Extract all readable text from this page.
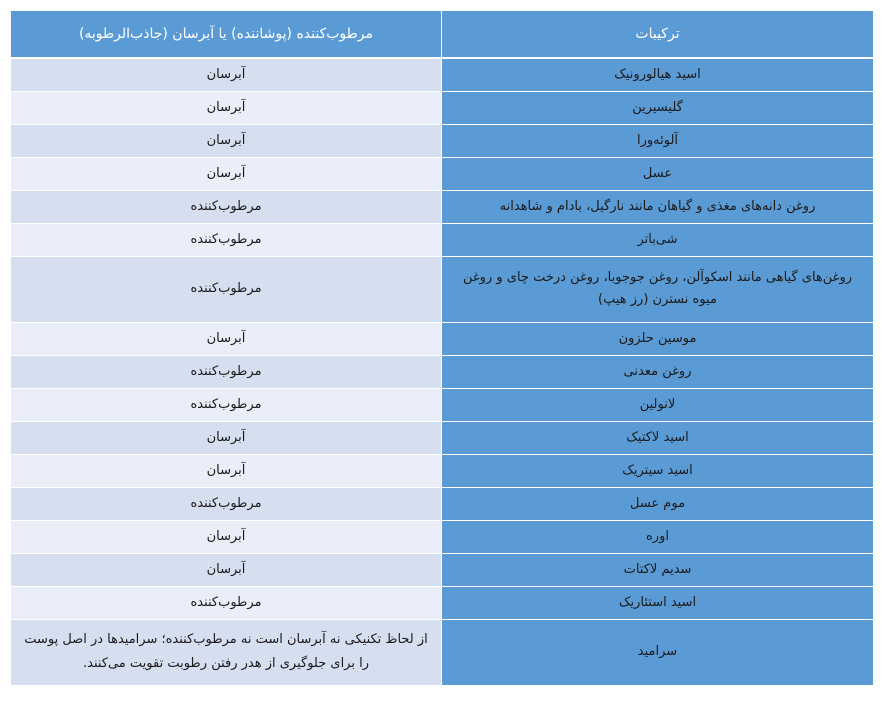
ترکیبات	مرطوب‌کننده (پوشاننده) یا آبرسان (جاذب‌الرطوبه)
اسید هیالورونیک	آبرسان
گلیسیرین	آبرسان
آلوئه‌ورا	آبرسان
عسل	آبرسان
روغن دانه‌های مغذی و گیاهان مانند نارگیل، بادام و شاهدانه	مرطوب‌کننده
شی‌باتر	مرطوب‌کننده
روغن‌های گیاهی مانند اسکوآلن، روغن جوجوبا، روغن درخت چای و روغن میوه نسترن (رز هیپ)	مرطوب‌کننده
موسین حلزون	آبرسان
روغن معدنی	مرطوب‌کننده
لانولین	مرطوب‌کننده
اسید لاکتیک	آبرسان
اسید سیتریک	آبرسان
موم عسل	مرطوب‌کننده
اوره	آبرسان
سدیم لاکتات	آبرسان
اسید استئاریک	مرطوب‌کننده
سرامید	از لحاظ تکنیکی نه آبرسان است نه مرطوب‌کننده؛ سرامیدها در اصل پوست را برای جلوگیری از هدر رفتن رطوبت تقویت می‌کنند.
